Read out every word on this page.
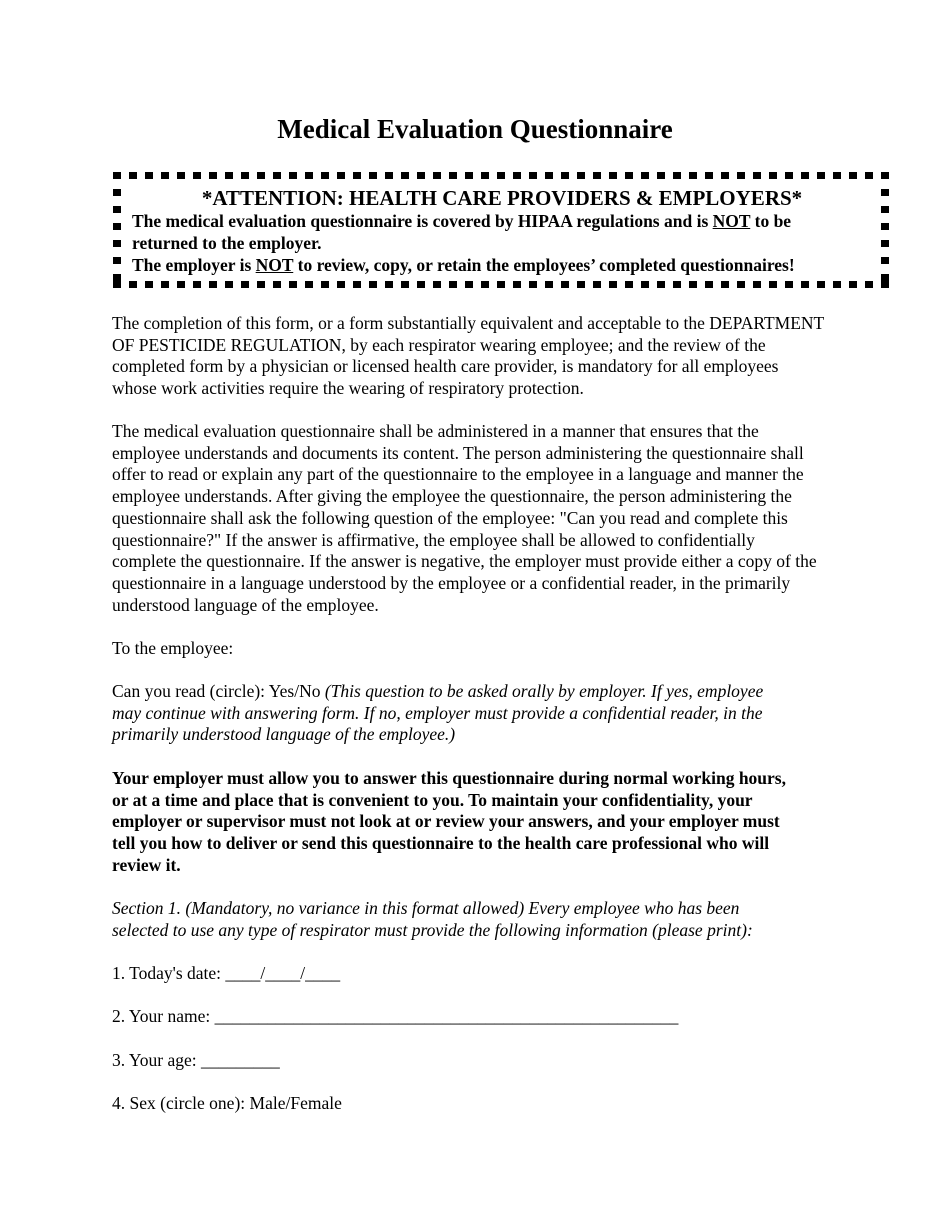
Medical Evaluation Questionnaire
*ATTENTION: HEALTH CARE PROVIDERS & EMPLOYERS*
The medical evaluation questionnaire is covered by HIPAA regulations and is NOT to be
returned to the employer.
The employer is NOT to review, copy, or retain the employees’ completed questionnaires!
The completion of this form, or a form substantially equivalent and acceptable to the DEPARTMENT
OF PESTICIDE REGULATION, by each respirator wearing employee; and the review of the
completed form by a physician or licensed health care provider, is mandatory for all employees
whose work activities require the wearing of respiratory protection.
The medical evaluation questionnaire shall be administered in a manner that ensures that the
employee understands and documents its content. The person administering the questionnaire shall
offer to read or explain any part of the questionnaire to the employee in a language and manner the
employee understands. After giving the employee the questionnaire, the person administering the
questionnaire shall ask the following question of the employee: "Can you read and complete this
questionnaire?" If the answer is affirmative, the employee shall be allowed to confidentially
complete the questionnaire. If the answer is negative, the employer must provide either a copy of the
questionnaire in a language understood by the employee or a confidential reader, in the primarily
understood language of the employee.
To the employee:
Can you read (circle): Yes/No (This question to be asked orally by employer. If yes, employee
may continue with answering form. If no, employer must provide a confidential reader, in the
primarily understood language of the employee.)
Your employer must allow you to answer this questionnaire during normal working hours,
or at a time and place that is convenient to you. To maintain your confidentiality, your
employer or supervisor must not look at or review your answers, and your employer must
tell you how to deliver or send this questionnaire to the health care professional who will
review it.
Section 1. (Mandatory, no variance in this format allowed) Every employee who has been
selected to use any type of respirator must provide the following information (please print):
1. Today's date: ____/____/____
2. Your name: _____________________________________________________
3. Your age: _________
4. Sex (circle one): Male/Female
